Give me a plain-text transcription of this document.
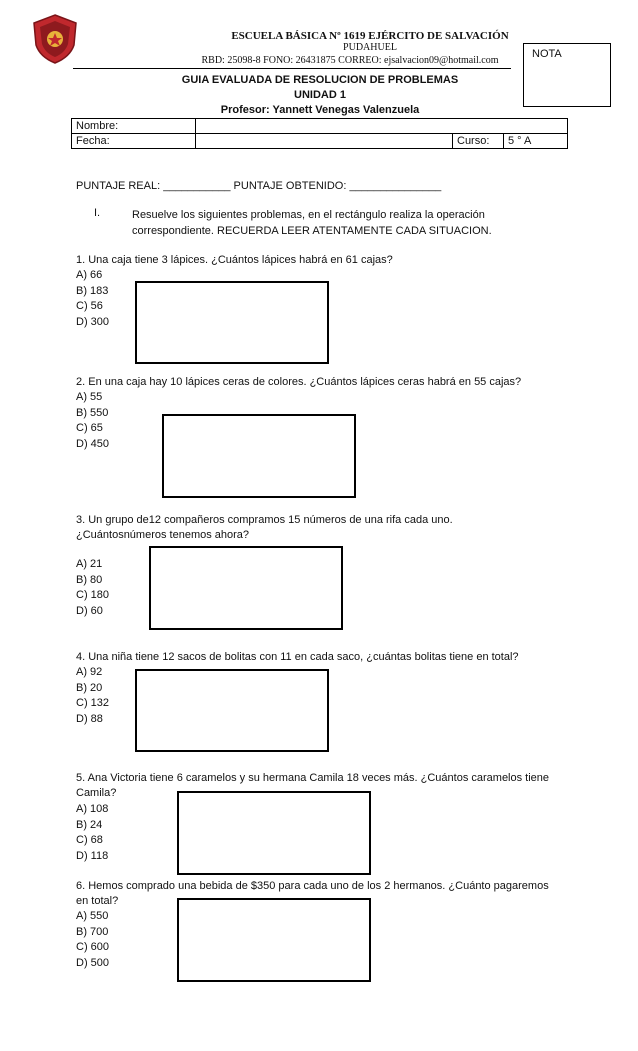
ESCUELA BÁSICA Nº 1619 EJÉRCITO DE SALVACIÓN
PUDAHUEL
RBD: 25098-8 FONO: 26431875 CORREO: ejsalvacion09@hotmail.com
NOTA
GUIA EVALUADA DE RESOLUCION DE PROBLEMAS
UNIDAD 1
Profesor: Yannett Venegas Valenzuela
Nombre:			
Fecha:		Curso:	5 ° A
PUNTAJE REAL: ___________ PUNTAJE OBTENIDO: _______________
I.	Resuelve los siguientes problemas, en el rectángulo realiza la operación
correspondiente. RECUERDA LEER ATENTAMENTE CADA SITUACION.
1. Una caja tiene 3 lápices. ¿Cuántos lápices habrá en 61 cajas?
A) 66
B) 183
C) 56
D) 300
2. En una caja hay 10 lápices ceras de colores. ¿Cuántos lápices ceras habrá en 55 cajas?
A) 55
B) 550
C) 65
D) 450
3. Un grupo de12 compañeros compramos 15 números de una rifa cada uno.
¿Cuántosnúmeros tenemos ahora?
A) 21
B) 80
C) 180
D) 60
4. Una niña tiene 12 sacos de bolitas con 11 en cada saco, ¿cuántas bolitas tiene en total?
A) 92
B) 20
C) 132
D) 88
5. Ana Victoria tiene 6 caramelos y su hermana Camila 18 veces más. ¿Cuántos caramelos tiene
Camila?
A) 108
B) 24
C) 68
D) 118
6. Hemos comprado una bebida de $350 para cada uno de los 2 hermanos. ¿Cuánto pagaremos
en total?
A) 550
B) 700
C) 600
D) 500
